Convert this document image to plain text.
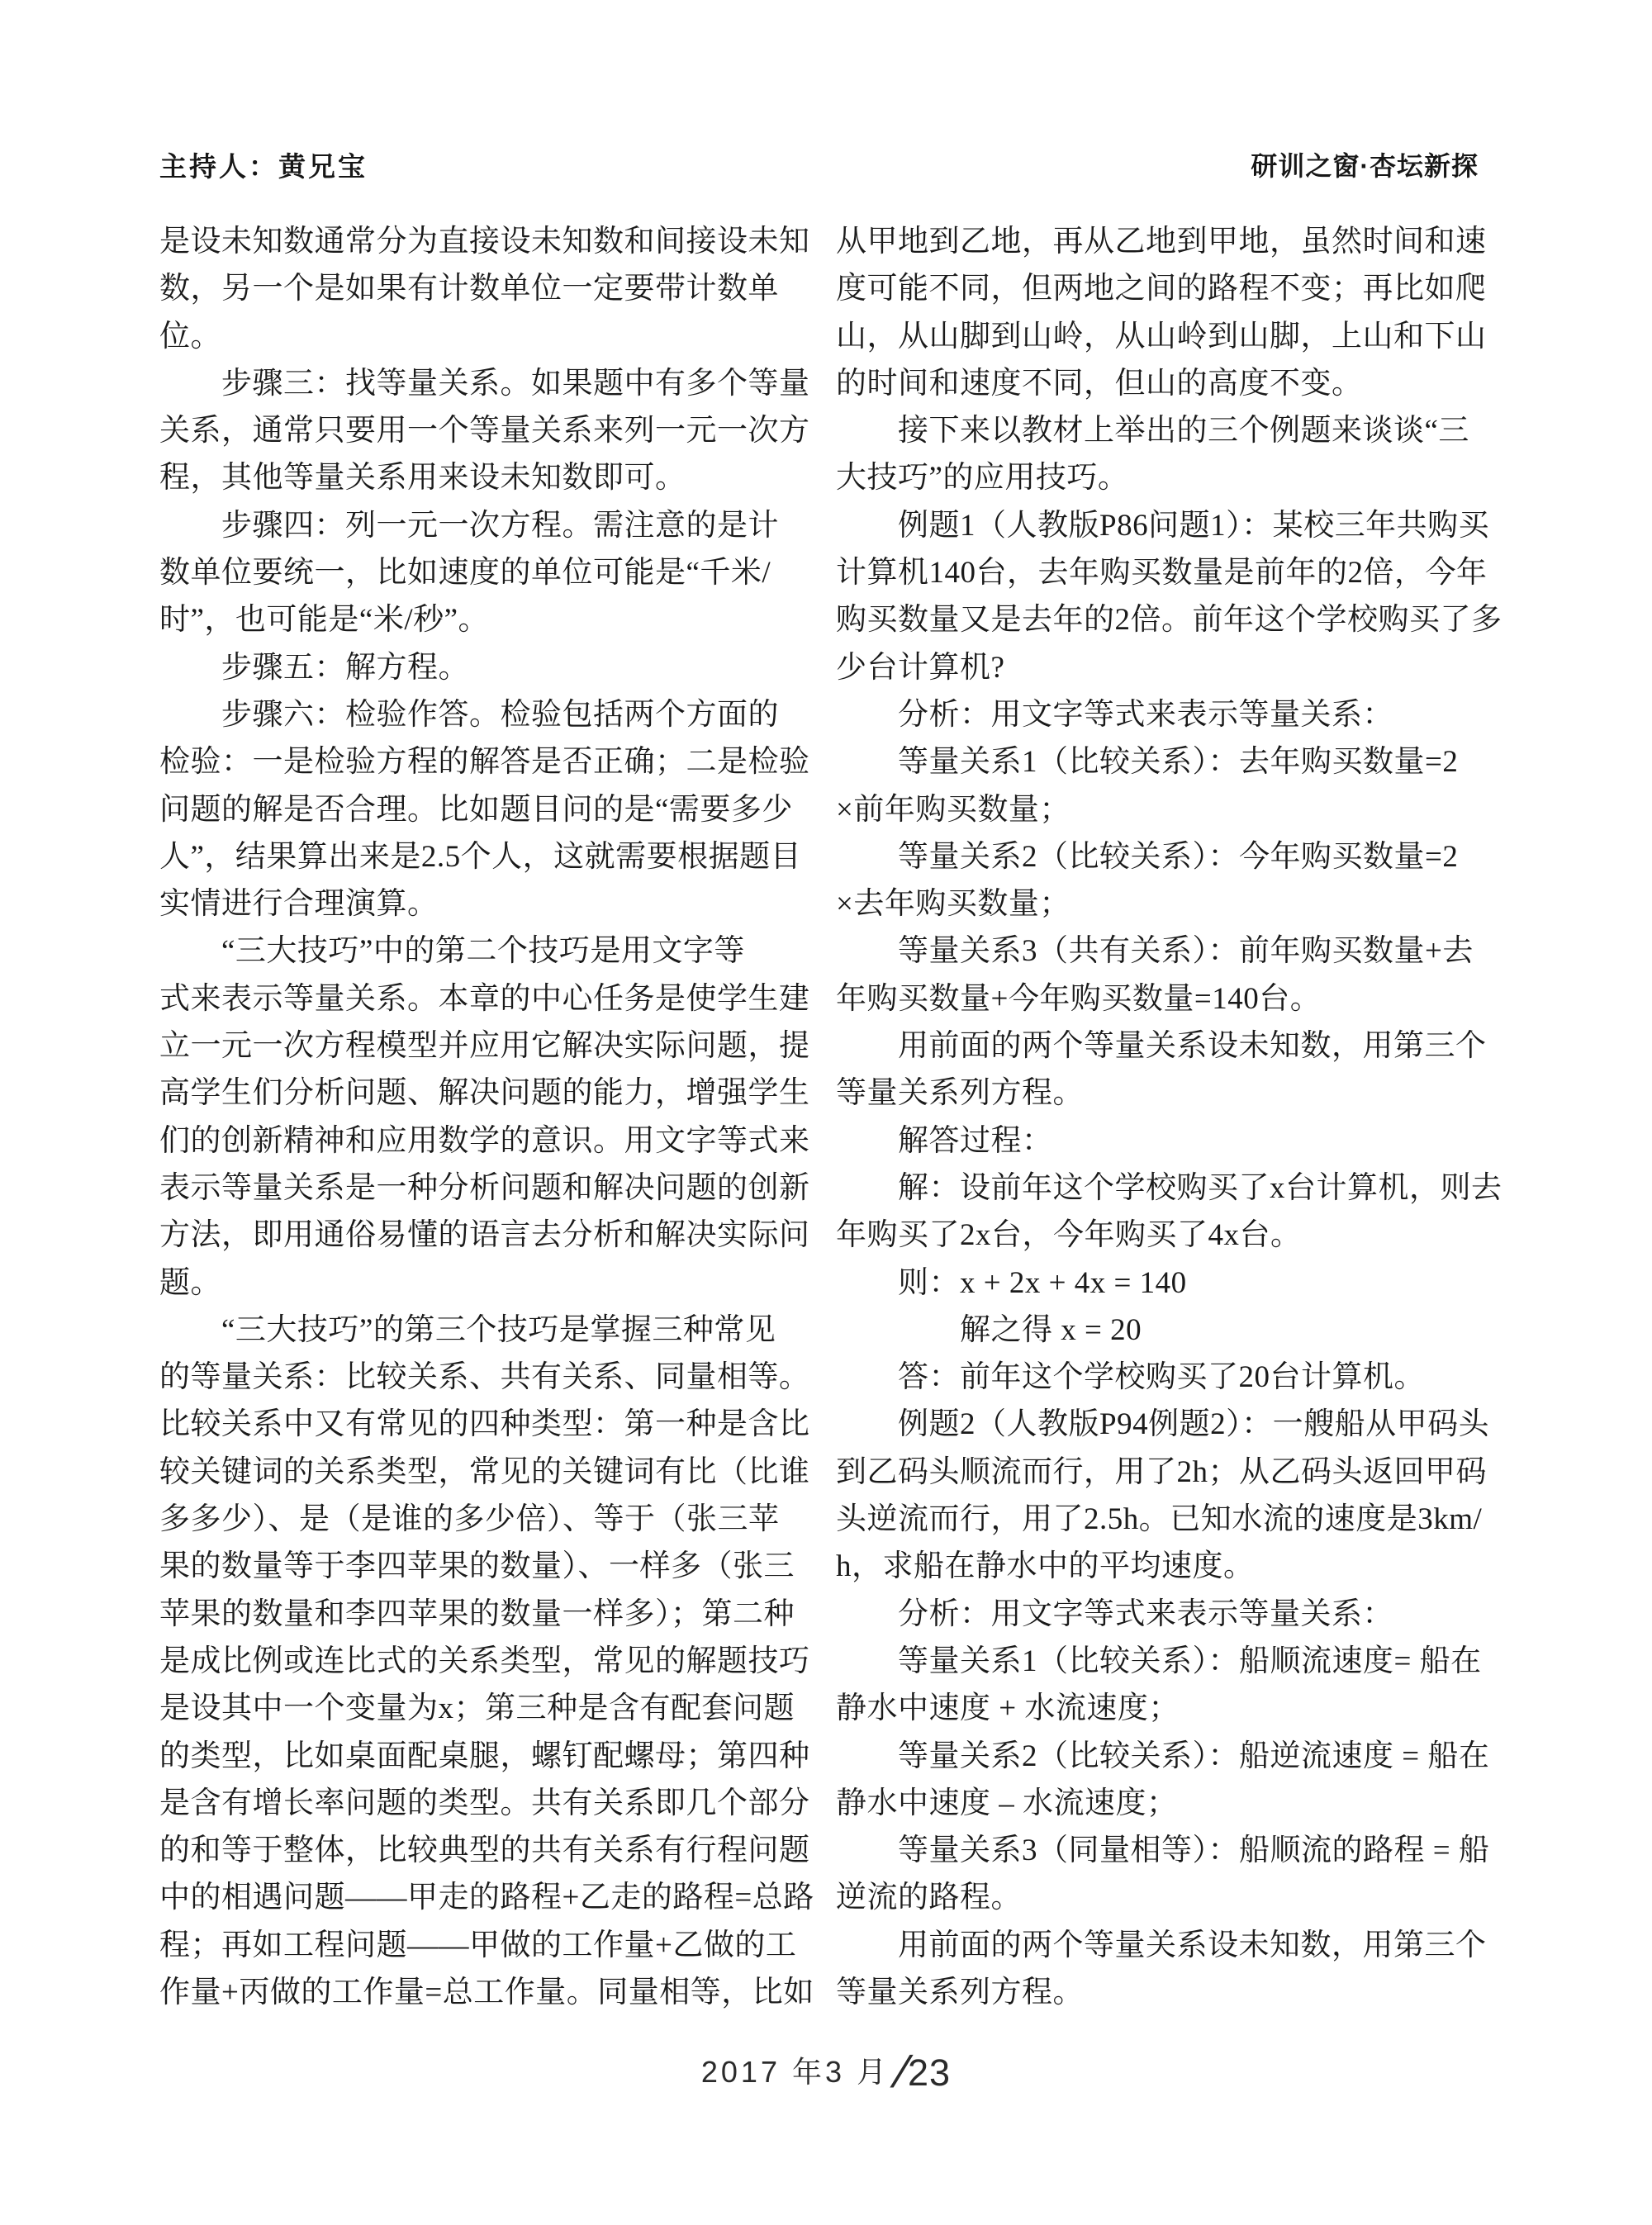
主持人：黄兄宝	研训之窗·杏坛新探
是设未知数通常分为直接设未知数和间接设未知
数，另一个是如果有计数单位一定要带计数单
位。
　　步骤三：找等量关系。如果题中有多个等量
关系，通常只要用一个等量关系来列一元一次方
程，其他等量关系用来设未知数即可。
　　步骤四：列一元一次方程。需注意的是计
数单位要统一，比如速度的单位可能是“千米/
时”，也可能是“米/秒”。
　　步骤五：解方程。
　　步骤六：检验作答。检验包括两个方面的
检验：一是检验方程的解答是否正确；二是检验
问题的解是否合理。比如题目问的是“需要多少
人”，结果算出来是2.5个人，这就需要根据题目
实情进行合理演算。
　　“三大技巧”中的第二个技巧是用文字等
式来表示等量关系。本章的中心任务是使学生建
立一元一次方程模型并应用它解决实际问题，提
高学生们分析问题、解决问题的能力，增强学生
们的创新精神和应用数学的意识。用文字等式来
表示等量关系是一种分析问题和解决问题的创新
方法，即用通俗易懂的语言去分析和解决实际问
题。
　　“三大技巧”的第三个技巧是掌握三种常见
的等量关系：比较关系、共有关系、同量相等。
比较关系中又有常见的四种类型：第一种是含比
较关键词的关系类型，常见的关键词有比（比谁
多多少）、是（是谁的多少倍）、等于（张三苹
果的数量等于李四苹果的数量）、一样多（张三
苹果的数量和李四苹果的数量一样多）；第二种
是成比例或连比式的关系类型，常见的解题技巧
是设其中一个变量为x；第三种是含有配套问题
的类型，比如桌面配桌腿，螺钉配螺母；第四种
是含有增长率问题的类型。共有关系即几个部分
的和等于整体，比较典型的共有关系有行程问题
中的相遇问题——甲走的路程+乙走的路程=总路
程；再如工程问题——甲做的工作量+乙做的工
作量+丙做的工作量=总工作量。同量相等，比如
从甲地到乙地，再从乙地到甲地，虽然时间和速
度可能不同，但两地之间的路程不变；再比如爬
山，从山脚到山岭，从山岭到山脚，上山和下山
的时间和速度不同，但山的高度不变。
　　接下来以教材上举出的三个例题来谈谈“三
大技巧”的应用技巧。
　　例题1（人教版P86问题1）：某校三年共购买
计算机140台，去年购买数量是前年的2倍，今年
购买数量又是去年的2倍。前年这个学校购买了多
少台计算机?
　　分析：用文字等式来表示等量关系：
　　等量关系1（比较关系）：去年购买数量=2
×前年购买数量；
　　等量关系2（比较关系）：今年购买数量=2
×去年购买数量；
　　等量关系3（共有关系）：前年购买数量+去
年购买数量+今年购买数量=140台。
　　用前面的两个等量关系设未知数，用第三个
等量关系列方程。
　　解答过程：
　　解：设前年这个学校购买了x台计算机，则去
年购买了2x台，今年购买了4x台。
　　则：x + 2x + 4x = 140
　　　　解之得 x = 20
　　答：前年这个学校购买了20台计算机。
　　例题2（人教版P94例题2）：一艘船从甲码头
到乙码头顺流而行，用了2h；从乙码头返回甲码
头逆流而行，用了2.5h。已知水流的速度是3km/
h，求船在静水中的平均速度。
　　分析：用文字等式来表示等量关系：
　　等量关系1（比较关系）：船顺流速度= 船在
静水中速度 + 水流速度；
　　等量关系2（比较关系）：船逆流速度 = 船在
静水中速度 – 水流速度；
　　等量关系3（同量相等）：船顺流的路程 = 船
逆流的路程。
　　用前面的两个等量关系设未知数，用第三个
等量关系列方程。
2017 年3 月/23
